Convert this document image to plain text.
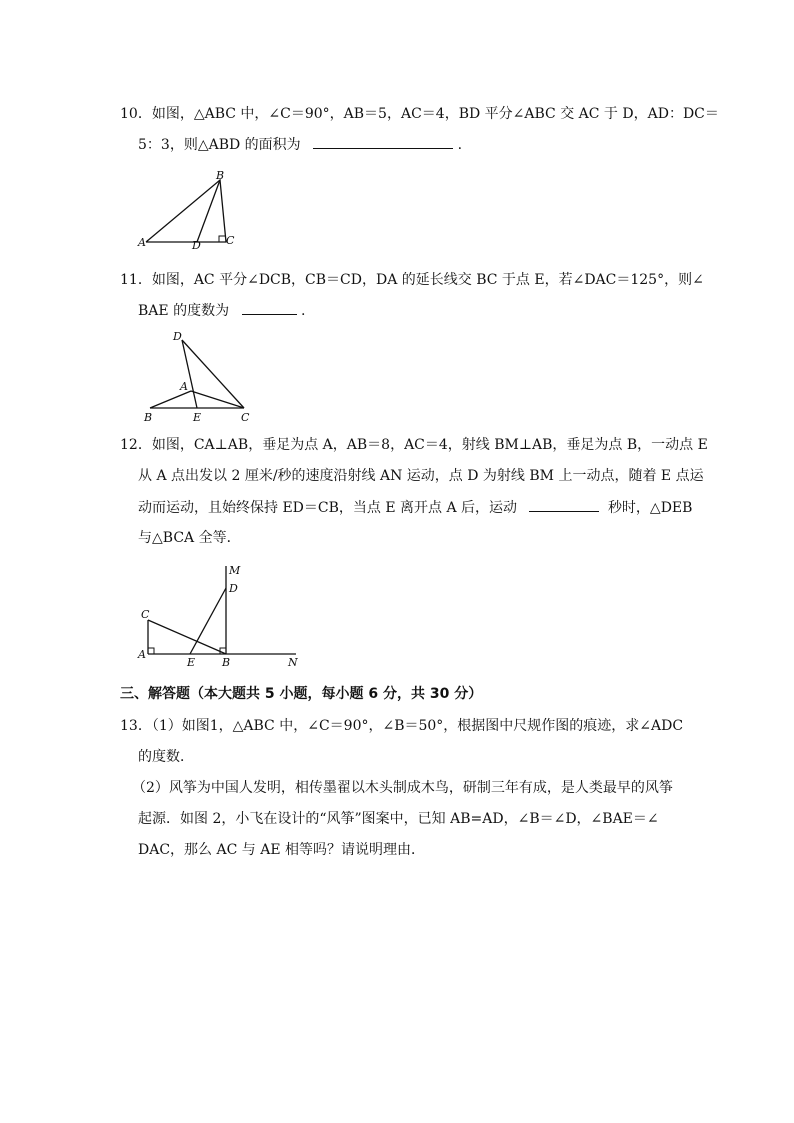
10．如图，△ABC 中，∠C＝90°，AB＝5，AC＝4，BD 平分∠ABC 交 AC 于 D，AD：DC＝
5：3，则△ABD 的面积为	.
A
B
C
D
11．如图，AC 平分∠DCB，CB＝CD，DA 的延长线交 BC 于点 E，若∠DAC＝125°，则∠
BAE 的度数为	.
D
A
B	E	C
12．如图，CA⊥AB，垂足为点 A，AB＝8，AC＝4，射线 BM⊥AB，垂足为点 B，一动点 E
从 A 点出发以 2 厘米/秒的速度沿射线 AN 运动，点 D 为射线 BM 上一动点，随着 E 点运
动而运动，且始终保持 ED＝CB，当点 E 离开点 A 后，运动	秒时，△DEB
与△BCA 全等．
M
D
C
A
E B	N
三、解答题（本大题共 5 小题，每小题 6 分，共 30 分）
13．（1）如图1，△ABC 中，∠C＝90°，∠B＝50°，根据图中尺规作图的痕迹，求∠ADC
的度数．
（2）风筝为中国人发明，相传墨翟以木头制成木鸟，研制三年有成，是人类最早的风筝
起源．如图 2，小飞在设计的“风筝”图案中，已知 AB=AD，∠B＝∠D，∠BAE＝∠
DAC，那么 AC 与 AE 相等吗？请说明理由．
